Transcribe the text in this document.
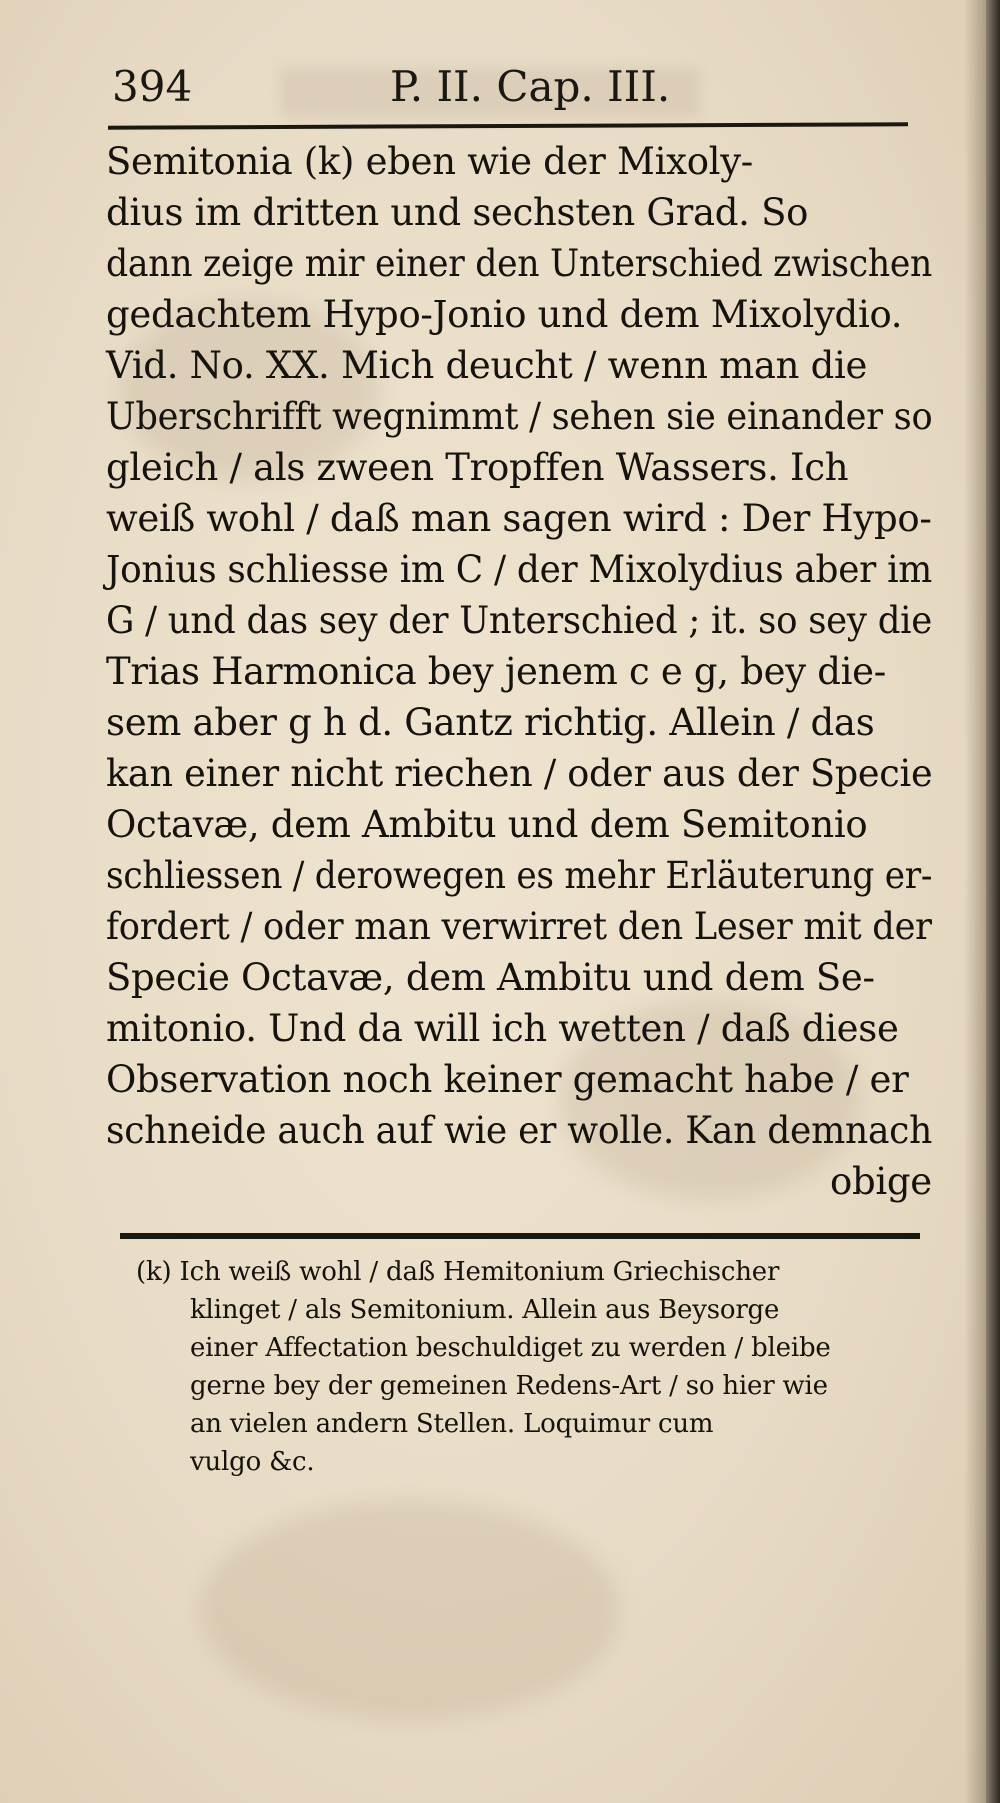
394	P. II. Cap. III.
Semitonia (k) eben wie der Mixoly-
dius im dritten und sechsten Grad. So
dann zeige mir einer den Unterschied zwischen
gedachtem Hypo-Jonio und dem Mixolydio.
Vid. No. XX. Mich deucht / wenn man die
Uberschrifft wegnimmt / sehen sie einander so
gleich / als zween Tropffen Wassers. Ich
weiß wohl / daß man sagen wird : Der Hypo-
Jonius schliesse im C / der Mixolydius aber im
G / und das sey der Unterschied ; it. so sey die
Trias Harmonica bey jenem c e g, bey die-
sem aber g h d. Gantz richtig. Allein / das
kan einer nicht riechen / oder aus der Specie
Octavæ, dem Ambitu und dem Semitonio
schliessen / derowegen es mehr Erläuterung er-
fordert / oder man verwirret den Leser mit der
Specie Octavæ, dem Ambitu und dem Se-
mitonio. Und da will ich wetten / daß diese
Observation noch keiner gemacht habe / er
schneide auch auf wie er wolle. Kan demnach
obige
(k) Ich weiß wohl / daß Hemitonium Griechischer
klinget / als Semitonium. Allein aus Beysorge
einer Affectation beschuldiget zu werden / bleibe
gerne bey der gemeinen Redens-Art / so hier wie
an vielen andern Stellen. Loquimur cum
vulgo &c.
